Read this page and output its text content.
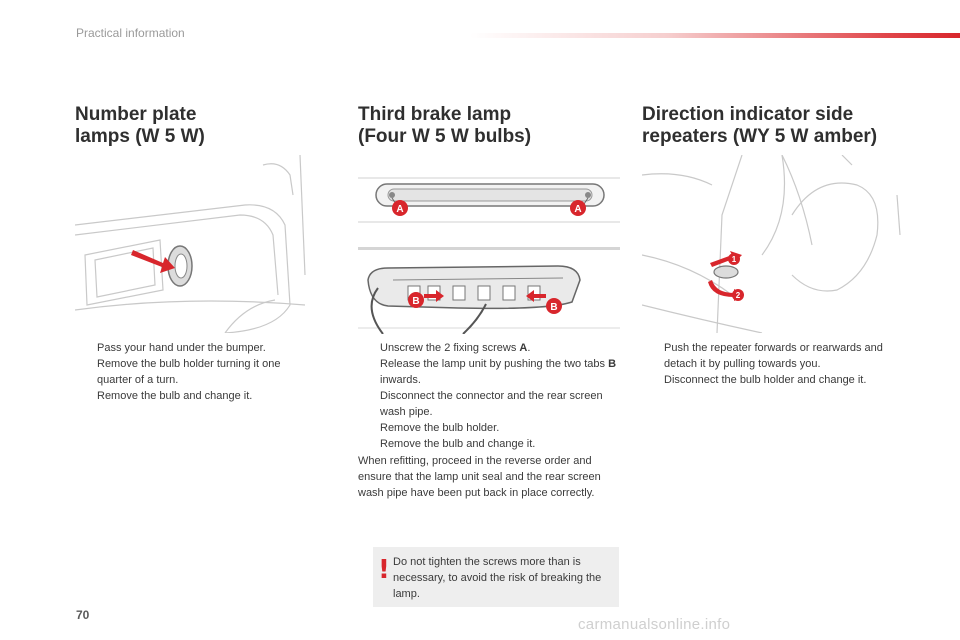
Practical information
Number plate
lamps (W 5 W)
Pass your hand under the bumper.
Remove the bulb holder turning it one quarter of a turn.
Remove the bulb and change it.
Third brake lamp
(Four W 5 W bulbs)
A	A
B
B
Unscrew the 2 fixing screws A.
Release the lamp unit by pushing the two tabs B inwards.
Disconnect the connector and the rear screen wash pipe.
Remove the bulb holder.
Remove the bulb and change it.

When refitting, proceed in the reverse order and ensure that the lamp unit seal and the rear screen wash pipe have been put back in place correctly.

! Do not tighten the screws more than is necessary, to avoid the risk of breaking the lamp.

Direction indicator side
repeaters (WY 5 W amber)
1
2
Push the repeater forwards or rearwards and detach it by pulling towards you.
Disconnect the bulb holder and change it.
70
carmanualsonline.info
